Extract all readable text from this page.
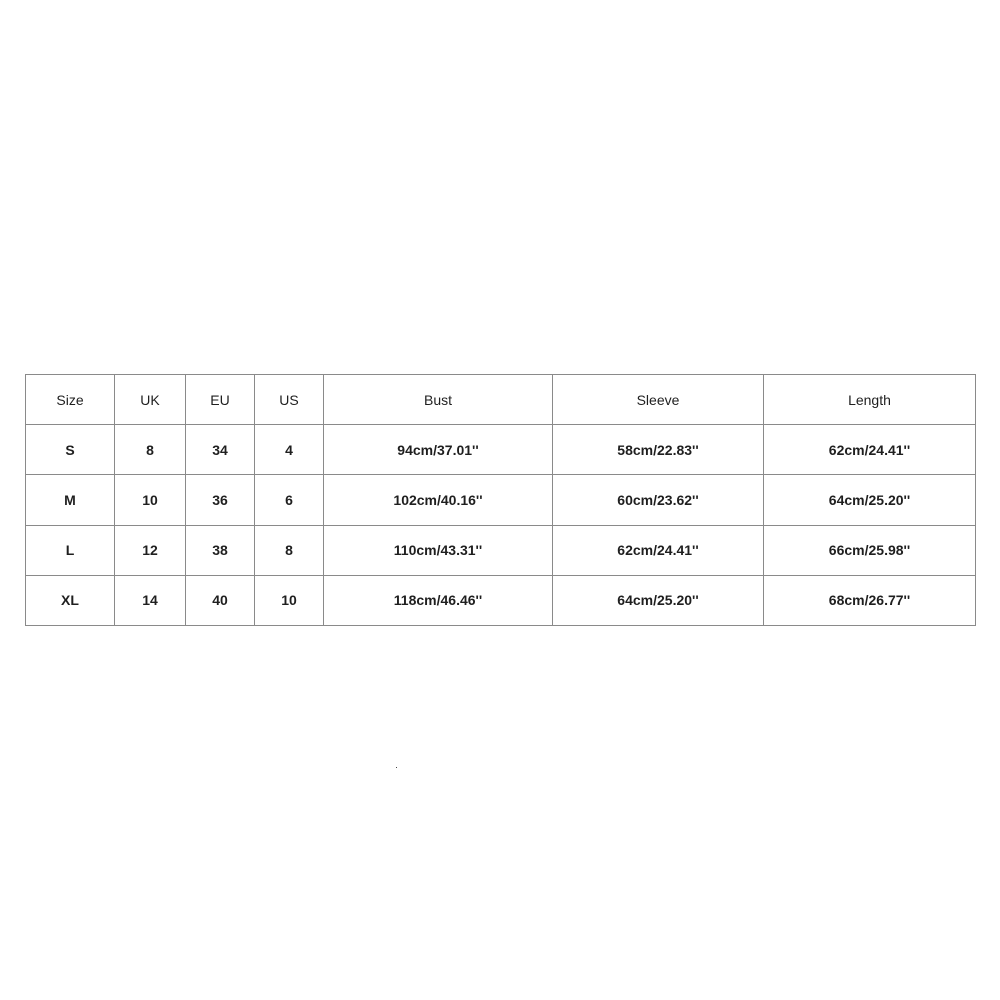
Size	UK	EU	US	Bust	Sleeve	Length
S	8	34	4	94cm/37.01''	58cm/22.83''	62cm/24.41''
M	10	36	6	102cm/40.16''	60cm/23.62''	64cm/25.20''
L	12	38	8	110cm/43.31''	62cm/24.41''	66cm/25.98''
XL	14	40	10	118cm/46.46''	64cm/25.20''	68cm/26.77''
